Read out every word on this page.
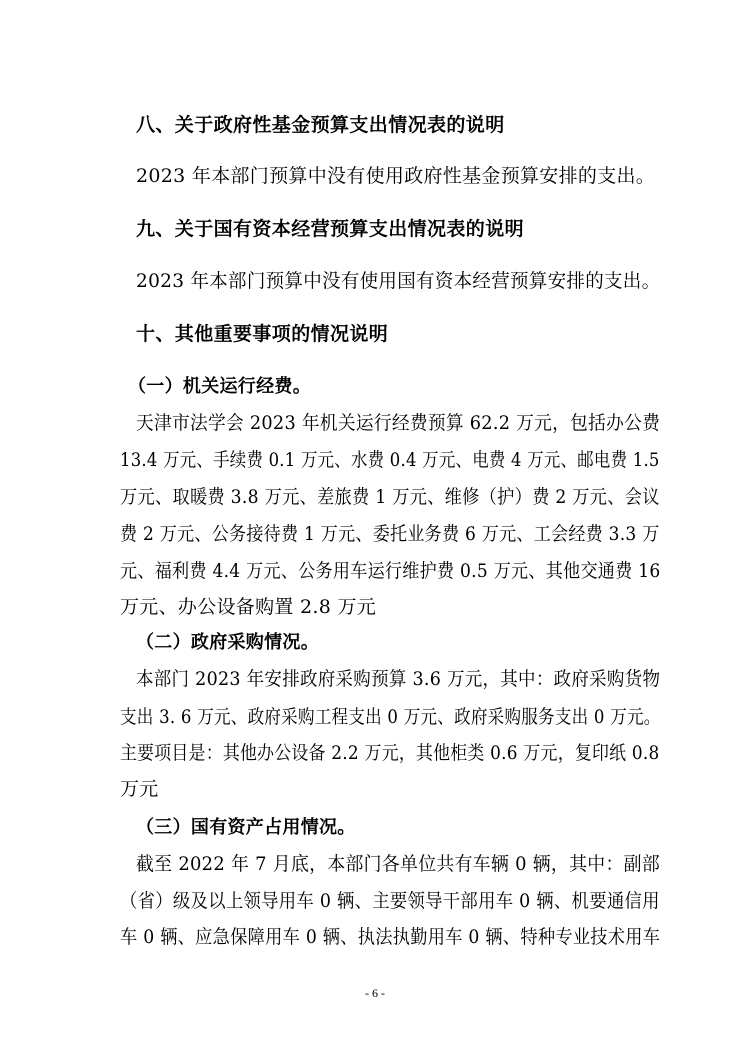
八、关于政府性基金预算支出情况表的说明
2023 年本部门预算中没有使用政府性基金预算安排的支出。
九、关于国有资本经营预算支出情况表的说明
2023 年本部门预算中没有使用国有资本经营预算安排的支出。
十、其他重要事项的情况说明
（一）机关运行经费。
天津市法学会 2023 年机关运行经费预算 62.2 万元，包括办公费
13.4 万元、手续费 0.1 万元、水费 0.4 万元、电费 4 万元、邮电费 1.5
万元、取暖费 3.8 万元、差旅费 1 万元、维修（护）费 2 万元、会议
费 2 万元、公务接待费 1 万元、委托业务费 6 万元、工会经费 3.3 万
元、福利费 4.4 万元、公务用车运行维护费 0.5 万元、其他交通费 16
万元、办公设备购置 2.8 万元
（二）政府采购情况。
本部门 2023 年安排政府采购预算 3.6 万元，其中：政府采购货物
支出 3. 6 万元、政府采购工程支出 0 万元、政府采购服务支出 0 万元。
主要项目是：其他办公设备 2.2 万元，其他柜类 0.6 万元，复印纸 0.8
万元
（三）国有资产占用情况。
截至 2022 年 7 月底，本部门各单位共有车辆 0 辆，其中：副部
（省）级及以上领导用车 0 辆、主要领导干部用车 0 辆、机要通信用
车 0 辆、应急保障用车 0 辆、执法执勤用车 0 辆、特种专业技术用车
- 6 -
